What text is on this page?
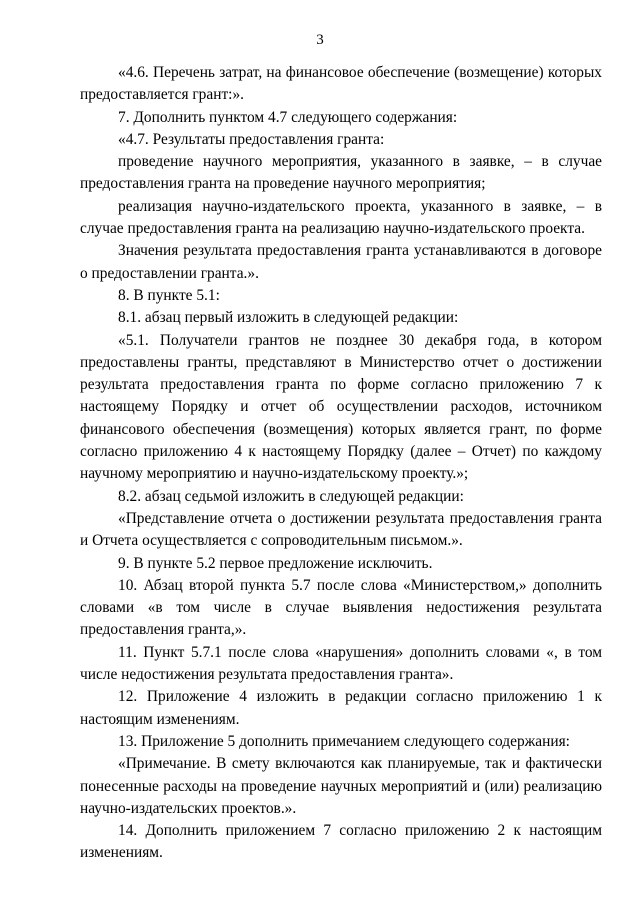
3

«4.6. Перечень затрат, на финансовое обеспечение (возмещение) которых предоставляется грант:».

7. Дополнить пунктом 4.7 следующего содержания:

«4.7. Результаты предоставления гранта:

проведение научного мероприятия, указанного в заявке, – в случае предоставления гранта на проведение научного мероприятия;

реализация научно-издательского проекта, указанного в заявке, – в случае предоставления гранта на реализацию научно-издательского проекта.

Значения результата предоставления гранта устанавливаются в договоре о предоставлении гранта.».

8. В пункте 5.1:

8.1. абзац первый изложить в следующей редакции:

«5.1. Получатели грантов не позднее 30 декабря года, в котором предоставлены гранты, представляют в Министерство отчет о достижении результата предоставления гранта по форме согласно приложению 7 к настоящему Порядку и отчет об осуществлении расходов, источником финансового обеспечения (возмещения) которых является грант, по форме согласно приложению 4 к настоящему Порядку (далее – Отчет) по каждому научному мероприятию и научно-издательскому проекту.»;

8.2. абзац седьмой изложить в следующей редакции:

«Представление отчета о достижении результата предоставления гранта и Отчета осуществляется с сопроводительным письмом.».

9. В пункте 5.2 первое предложение исключить.

10. Абзац второй пункта 5.7 после слова «Министерством,» дополнить словами «в том числе в случае выявления недостижения результата предоставления гранта,».

11. Пункт 5.7.1 после слова «нарушения» дополнить словами «, в том числе недостижения результата предоставления гранта».

12. Приложение 4 изложить в редакции согласно приложению 1 к настоящим изменениям.

13. Приложение 5 дополнить примечанием следующего содержания:

«Примечание. В смету включаются как планируемые, так и фактически понесенные расходы на проведение научных мероприятий и (или) реализацию научно-издательских проектов.».

14. Дополнить приложением 7 согласно приложению 2 к настоящим изменениям.
